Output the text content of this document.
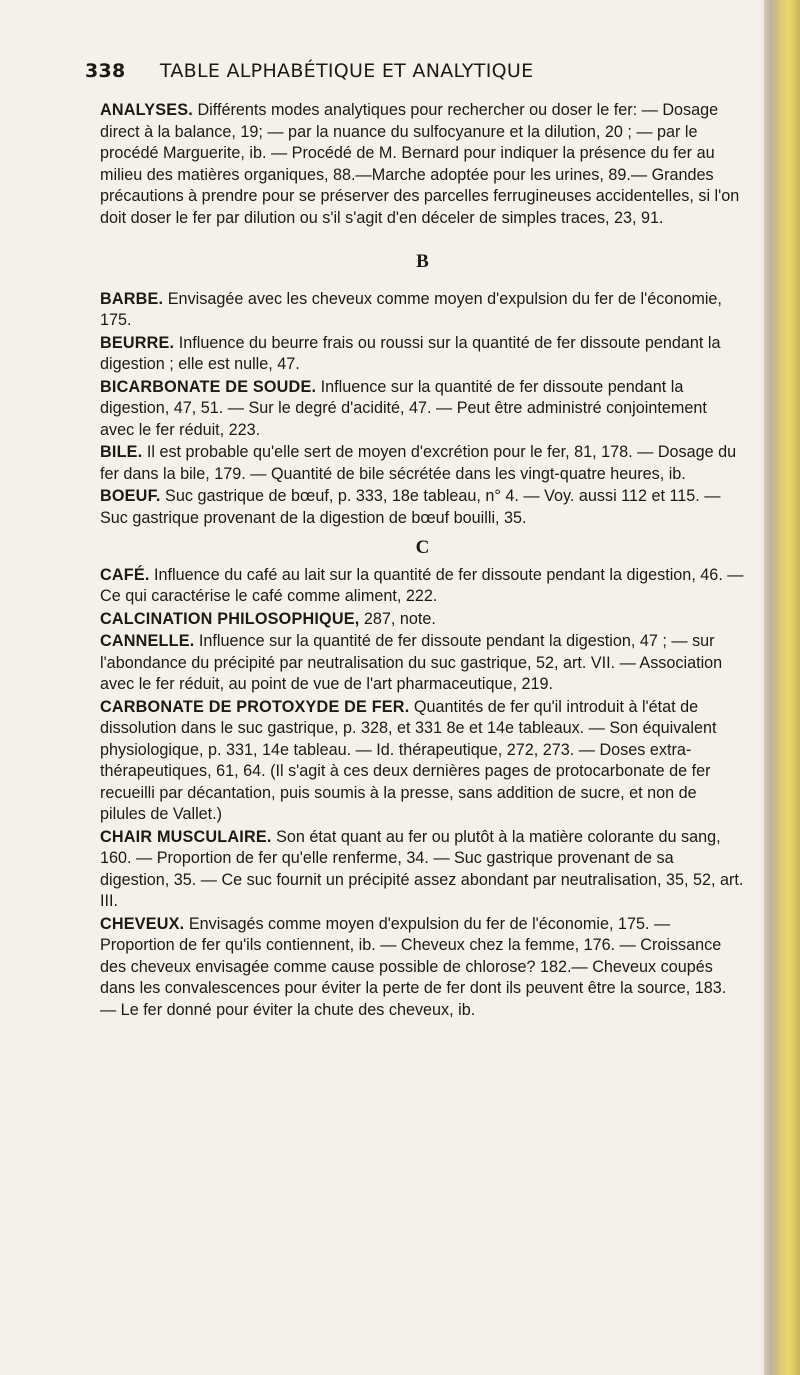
338 TABLE ALPHABÉTIQUE ET ANALYTIQUE

ANALYSES. Différents modes analytiques pour rechercher ou doser le fer: — Dosage direct à la balance, 19; — par la nuance du sulfocyanure et la dilution, 20 ; — par le procédé Marguerite, ib. — Procédé de M. Bernard pour indiquer la présence du fer au milieu des matières organiques, 88.—Marche adoptée pour les urines, 89.— Grandes précautions à prendre pour se préserver des parcelles ferrugineuses accidentelles, si l'on doit doser le fer par dilution ou s'il s'agit d'en déceler de simples traces, 23, 91.

B

BARBE. Envisagée avec les cheveux comme moyen d'expulsion du fer de l'économie, 175.

BEURRE. Influence du beurre frais ou roussi sur la quantité de fer dissoute pendant la digestion ; elle est nulle, 47.

BICARBONATE DE SOUDE. Influence sur la quantité de fer dissoute pendant la digestion, 47, 51. — Sur le degré d'acidité, 47. — Peut être administré conjointement avec le fer réduit, 223.

BILE. Il est probable qu'elle sert de moyen d'excrétion pour le fer, 81, 178. — Dosage du fer dans la bile, 179. — Quantité de bile sécrétée dans les vingt-quatre heures, ib.

BOEUF. Suc gastrique de bœuf, p. 333, 18e tableau, n° 4. — Voy. aussi 112 et 115. — Suc gastrique provenant de la digestion de bœuf bouilli, 35.

C

CAFÉ. Influence du café au lait sur la quantité de fer dissoute pendant la digestion, 46. — Ce qui caractérise le café comme aliment, 222.

CALCINATION PHILOSOPHIQUE, 287, note.

CANNELLE. Influence sur la quantité de fer dissoute pendant la digestion, 47 ; — sur l'abondance du précipité par neutralisation du suc gastrique, 52, art. VII. — Association avec le fer réduit, au point de vue de l'art pharmaceutique, 219.

CARBONATE DE PROTOXYDE DE FER. Quantités de fer qu'il introduit à l'état de dissolution dans le suc gastrique, p. 328, et 331 8e et 14e tableaux. — Son équivalent physiologique, p. 331, 14e tableau. — Id. thérapeutique, 272, 273. — Doses extra-thérapeutiques, 61, 64. (Il s'agit à ces deux dernières pages de protocarbonate de fer recueilli par décantation, puis soumis à la presse, sans addition de sucre, et non de pilules de Vallet.)

CHAIR MUSCULAIRE. Son état quant au fer ou plutôt à la matière colorante du sang, 160. — Proportion de fer qu'elle renferme, 34. — Suc gastrique provenant de sa digestion, 35. — Ce suc fournit un précipité assez abondant par neutralisation, 35, 52, art. III.

CHEVEUX. Envisagés comme moyen d'expulsion du fer de l'économie, 175. — Proportion de fer qu'ils contiennent, ib. — Cheveux chez la femme, 176. — Croissance des cheveux envisagée comme cause possible de chlorose? 182.— Cheveux coupés dans les convalescences pour éviter la perte de fer dont ils peuvent être la source, 183. — Le fer donné pour éviter la chute des cheveux, ib.
